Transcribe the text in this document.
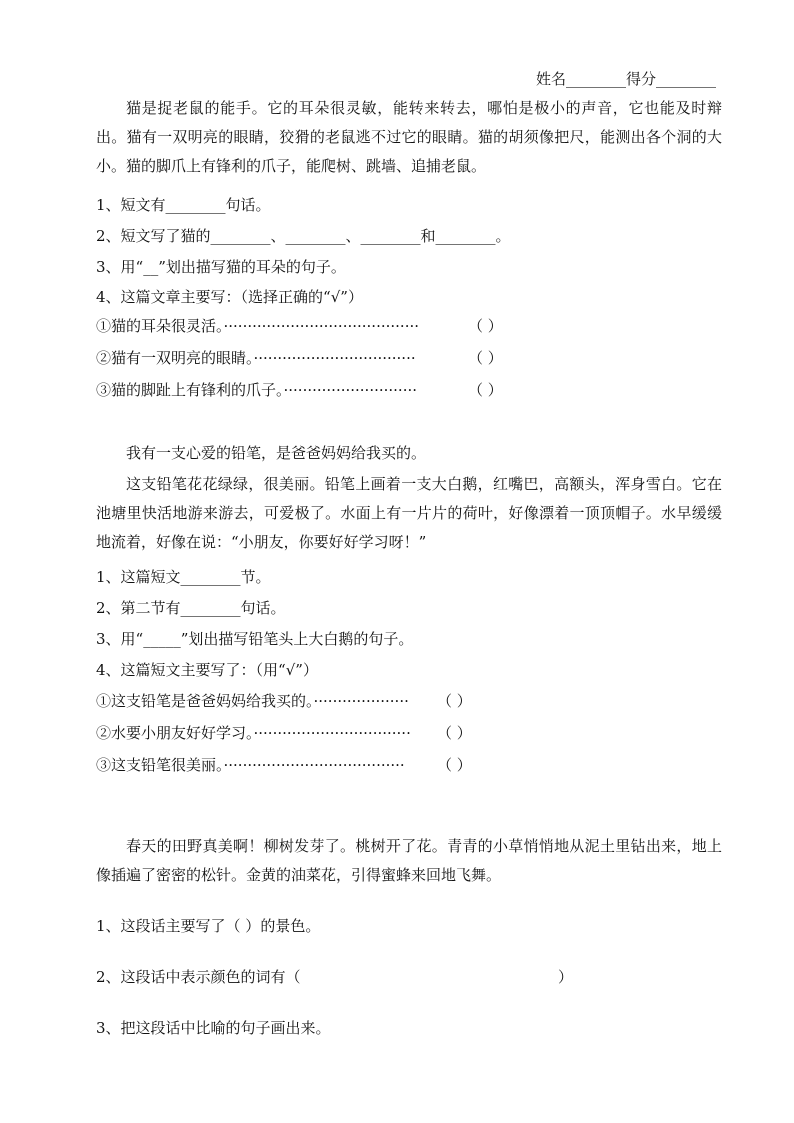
姓名________得分________
猫是捉老鼠的能手。它的耳朵很灵敏，能转来转去，哪怕是极小的声音，它也能及时辩出。猫有一双明亮的眼睛，狡猾的老鼠逃不过它的眼睛。猫的胡须像把尺，能测出各个洞的大小。猫的脚爪上有锋利的爪子，能爬树、跳墙、追捕老鼠。
1、短文有________句话。
2、短文写了猫的________、________、________和________。
3、用“__”划出描写猫的耳朵的句子。
4、这篇文章主要写：（选择正确的“√”）
①猫的耳朵很灵活。·········································	（ ）
②猫有一双明亮的眼睛。··································	（ ）
③猫的脚趾上有锋利的爪子。····························	（ ）
我有一支心爱的铅笔，是爸爸妈妈给我买的。
这支铅笔花花绿绿，很美丽。铅笔上画着一支大白鹅，红嘴巴，高额头，浑身雪白。它在池塘里快活地游来游去，可爱极了。水面上有一片片的荷叶，好像漂着一顶顶帽子。水早缓缓地流着，好像在说：“小朋友，你要好好学习呀！”
1、这篇短文________节。
2、第二节有________句话。
3、用“_____”划出描写铅笔头上大白鹅的句子。
4、这篇短文主要写了：（用“√”）
①这支铅笔是爸爸妈妈给我买的。···················· （ ）
②水要小朋友好好学习。································· （ ）
③这支铅笔很美丽。······································ （ ）
春天的田野真美啊！柳树发芽了。桃树开了花。青青的小草悄悄地从泥土里钻出来，地上像插遍了密密的松针。金黄的油菜花，引得蜜蜂来回地飞舞。
1、这段话主要写了（ ）的景色。
2、这段话中表示颜色的词有（	）
3、把这段话中比喻的句子画出来。
